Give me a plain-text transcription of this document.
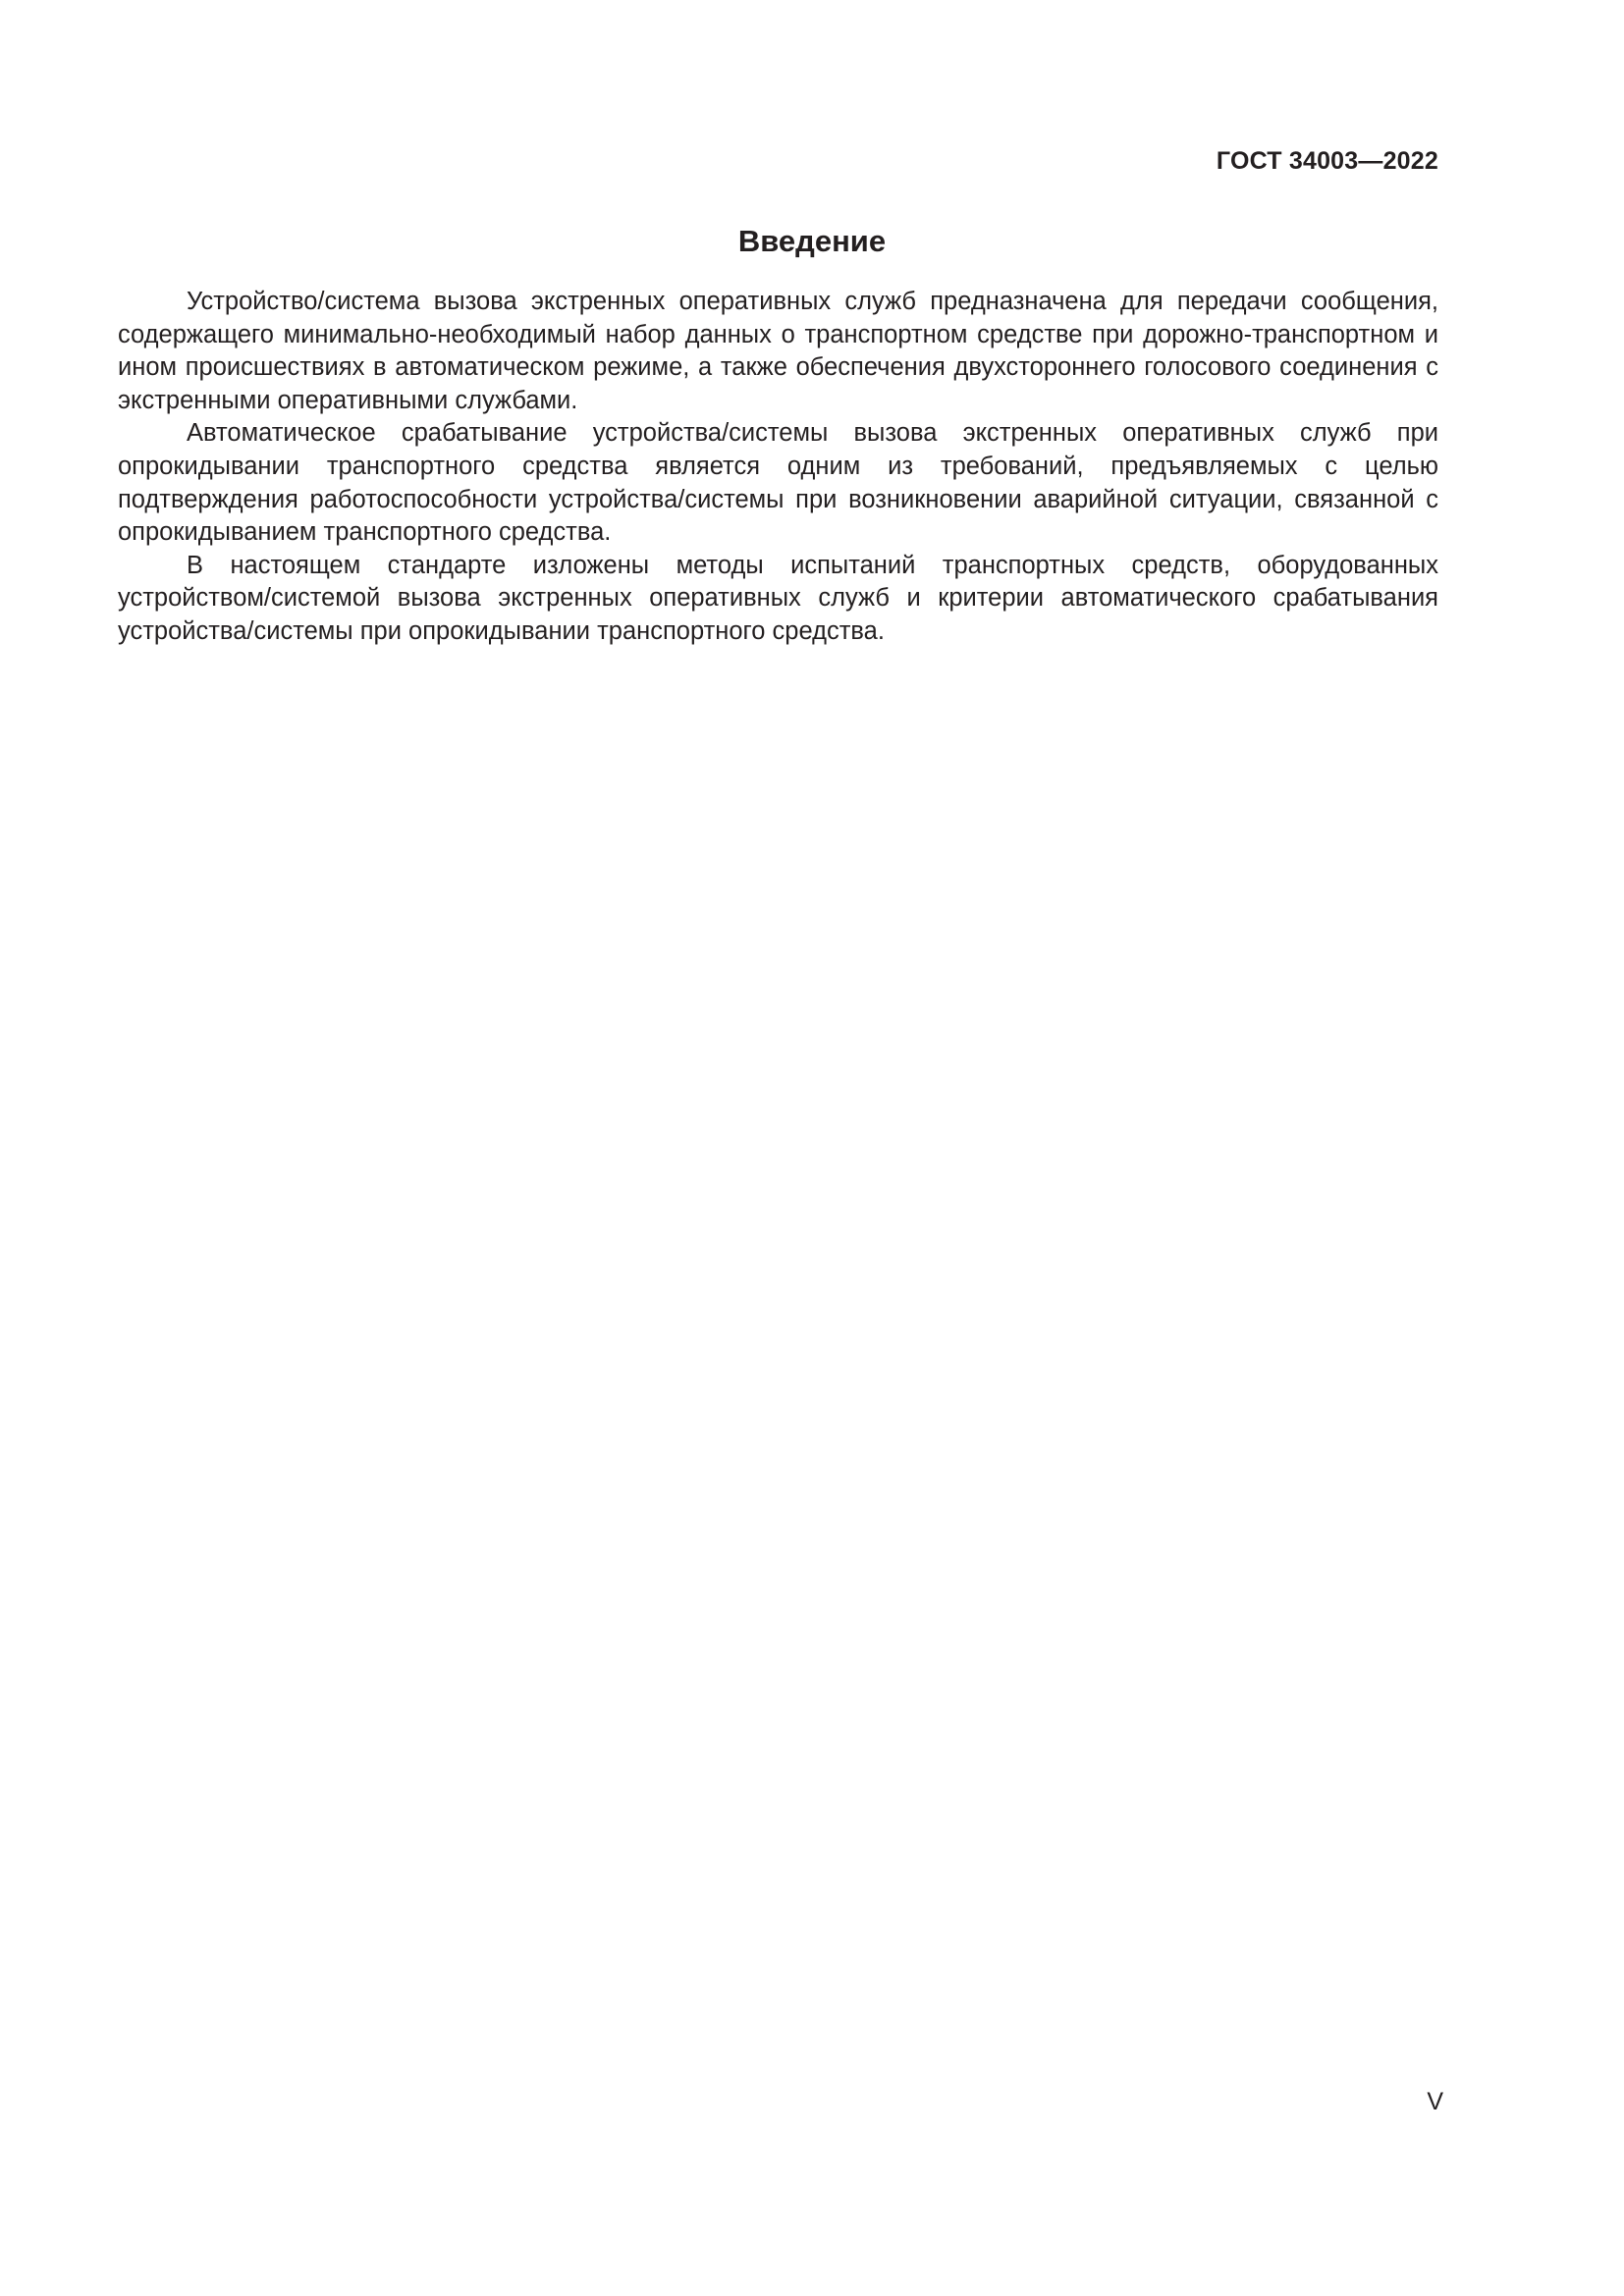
ГОСТ 34003—2022
Введение

Устройство/система вызова экстренных оперативных служб предназначена для передачи сообщения, содержащего минимально-необходимый набор данных о транспортном средстве при дорожно-транспортном и ином происшествиях в автоматическом режиме, а также обеспечения двухстороннего голосового соединения с экстренными оперативными службами.

Автоматическое срабатывание устройства/системы вызова экстренных оперативных служб при опрокидывании транспортного средства является одним из требований, предъявляемых с целью подтверждения работоспособности устройства/системы при возникновении аварийной ситуации, связанной с опрокидыванием транспортного средства.

В настоящем стандарте изложены методы испытаний транспортных средств, оборудованных устройством/системой вызова экстренных оперативных служб и критерии автоматического срабатывания устройства/системы при опрокидывании транспортного средства.

V
